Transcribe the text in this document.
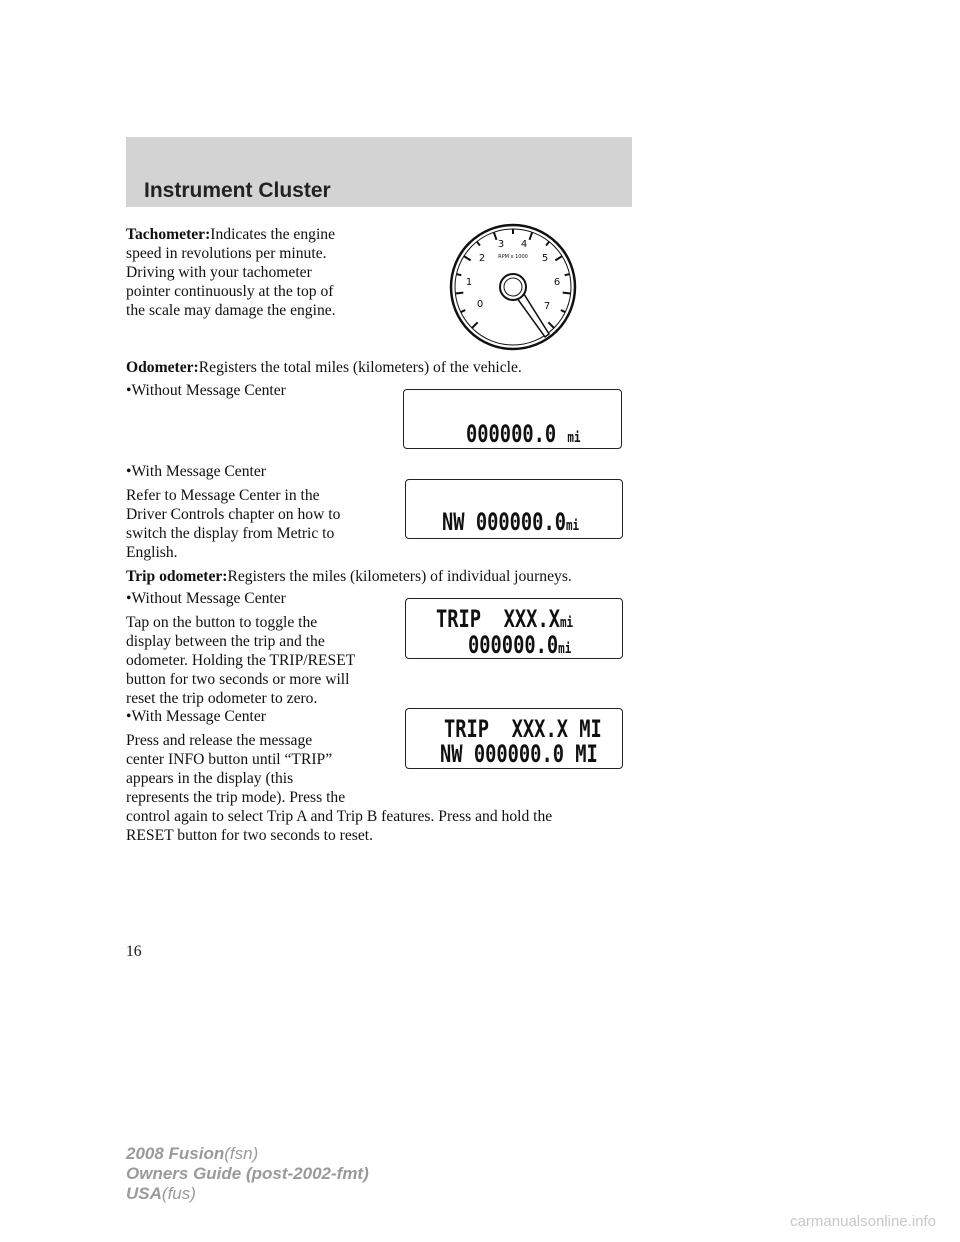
Instrument Cluster
Tachometer:Indicates the engine
speed in revolutions per minute.
Driving with your tachometer
pointer continuously at the top of
the scale may damage the engine.	0
1
2
3 4
5
6
7
RPM x 1000
Odometer:Registers the total miles (kilometers) of the vehicle.
•Without Message Center
000000.0 mi
•With Message Center
Refer to Message Center in the
Driver Controls chapter on how to
switch the display from Metric to
English.
NW 000000.0mi
Trip odometer:Registers the miles (kilometers) of individual journeys.
•Without Message Center
Tap on the button to toggle the
display between the trip and the
odometer. Holding the TRIP/RESET
button for two seconds or more will
reset the trip odometer to zero.
TRIP XXX.Xmi
000000.0mi
•With Message Center
Press and release the message
center INFO button until “TRIP”
appears in the display (this
represents the trip mode). Press the
control again to select Trip A and Trip B features. Press and hold the
RESET button for two seconds to reset.
TRIP XXX.X MI
NW 000000.0 MI
16
2008 Fusion(fsn)
Owners Guide (post-2002-fmt)
USA(fus)
carmanualsonline.info
